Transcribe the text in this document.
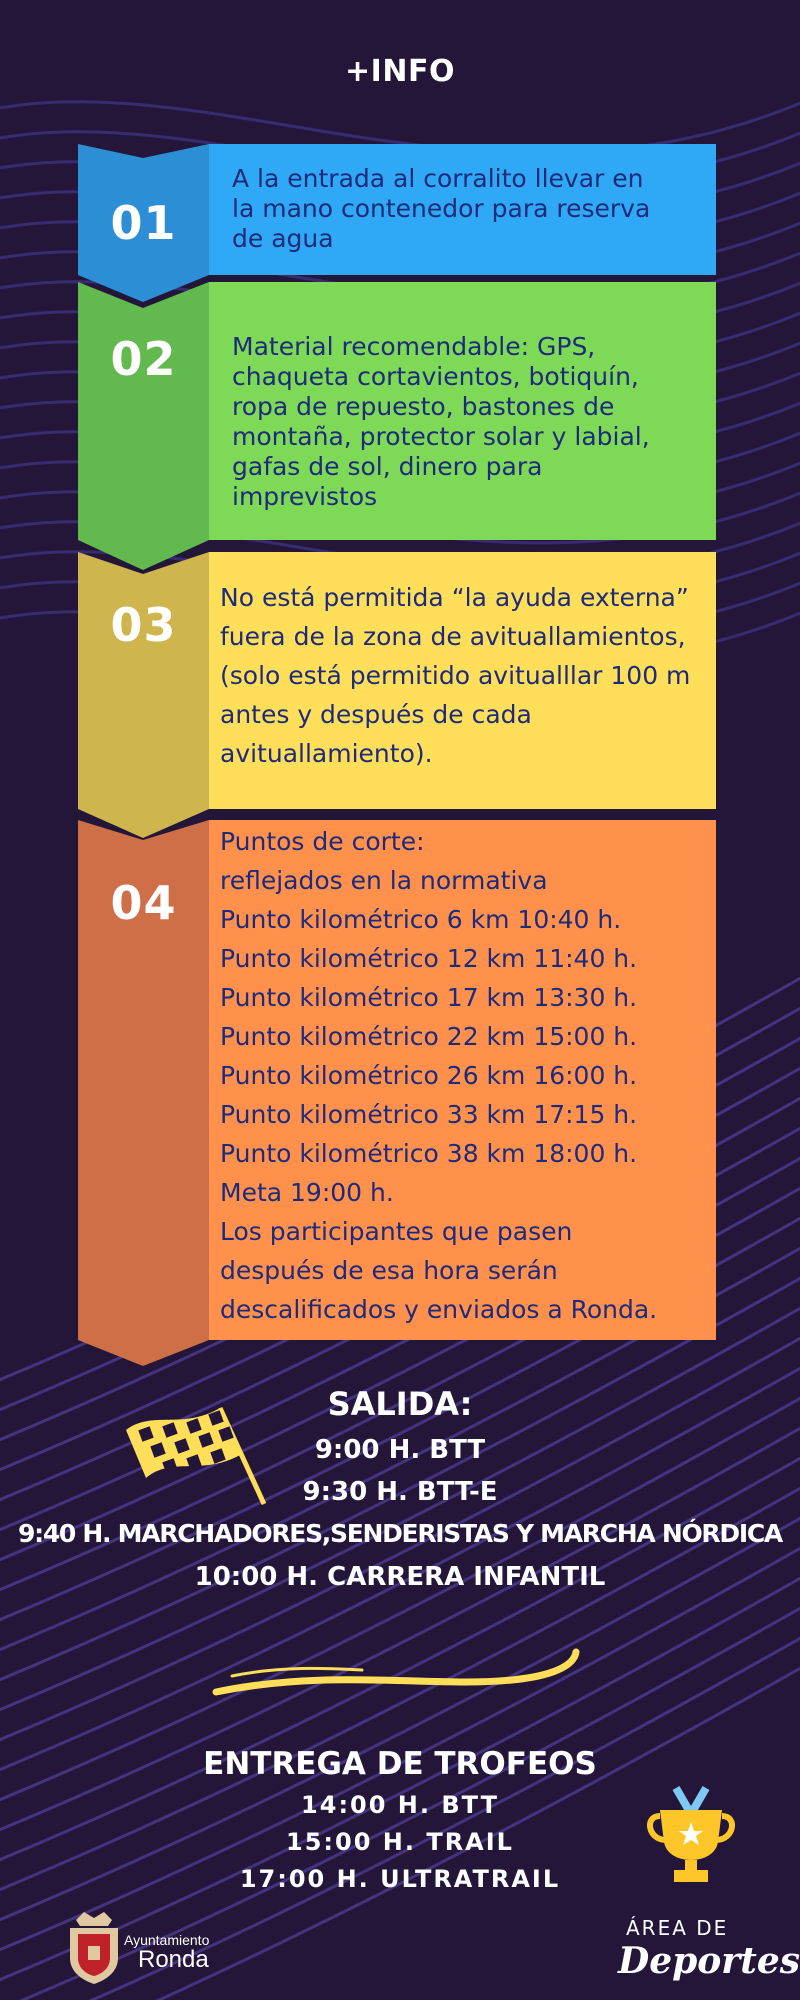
+INFO
01
A la entrada al corralito llevar en
la mano contenedor para reserva
de agua
02	Material recomendable: GPS,
chaqueta cortavientos, botiquín,
ropa de repuesto, bastones de
montaña, protector solar y labial,
gafas de sol, dinero para
imprevistos
03
No está permitida “la ayuda externa”
fuera de la zona de avituallamientos,
(solo está permitido avitualllar 100 m
antes y después de cada
avituallamiento).
04
Puntos de corte:
reflejados en la normativa
Punto kilométrico 6 km 10:40 h.
Punto kilométrico 12 km 11:40 h.
Punto kilométrico 17 km 13:30 h.
Punto kilométrico 22 km 15:00 h.
Punto kilométrico 26 km 16:00 h.
Punto kilométrico 33 km 17:15 h.
Punto kilométrico 38 km 18:00 h.
Meta 19:00 h.
Los participantes que pasen
después de esa hora serán
descalificados y enviados a Ronda.
SALIDA:
9:00 H. BTT
9:30 H. BTT-E
9:40 H. MARCHADORES,SENDERISTAS Y MARCHA NÓRDICA
10:00 H. CARRERA INFANTIL
ENTREGA DE TROFEOS
14:00 H. BTT
15:00 H. TRAIL
17:00 H. ULTRATRAIL
Ayuntamiento
Ronda
ÁREA DE
Deportes
